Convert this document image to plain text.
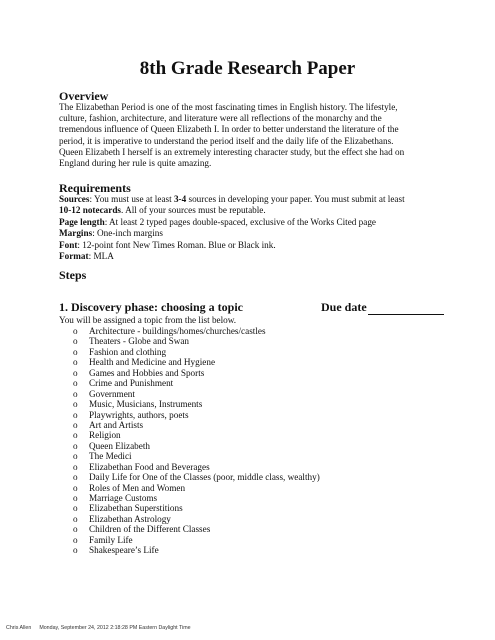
8th Grade Research Paper
Overview
The Elizabethan Period is one of the most fascinating times in English history. The lifestyle,
culture, fashion, architecture, and literature were all reflections of the monarchy and the
tremendous influence of Queen Elizabeth I. In order to better understand the literature of the
period, it is imperative to understand the period itself and the daily life of the Elizabethans.
Queen Elizabeth I herself is an extremely interesting character study, but the effect she had on
England during her rule is quite amazing.
Requirements
Sources: You must use at least 3-4 sources in developing your paper. You must submit at least
10-12 notecards. All of your sources must be reputable.
Page length: At least 2 typed pages double-spaced, exclusive of the Works Cited page
Margins: One-inch margins
Font: 12-point font New Times Roman. Blue or Black ink.
Format: MLA
Steps
1. Discovery phase: choosing a topic	Due date
You will be assigned a topic from the list below.
o Architecture - buildings/homes/churches/castles
o Theaters - Globe and Swan
o Fashion and clothing
o Health and Medicine and Hygiene
o Games and Hobbies and Sports
o Crime and Punishment
o Government
o Music, Musicians, Instruments
o Playwrights, authors, poets
o Art and Artists
o Religion
o Queen Elizabeth
o The Medici
o Elizabethan Food and Beverages
o Daily Life for One of the Classes (poor, middle class, wealthy)
o Roles of Men and Women
o Marriage Customs
o Elizabethan Superstitions
o Elizabethan Astrology
o Children of the Different Classes
o Family Life
o Shakespeare’s Life
Chris Allen Monday, September 24, 2012 2:18:28 PM Eastern Daylight Time
